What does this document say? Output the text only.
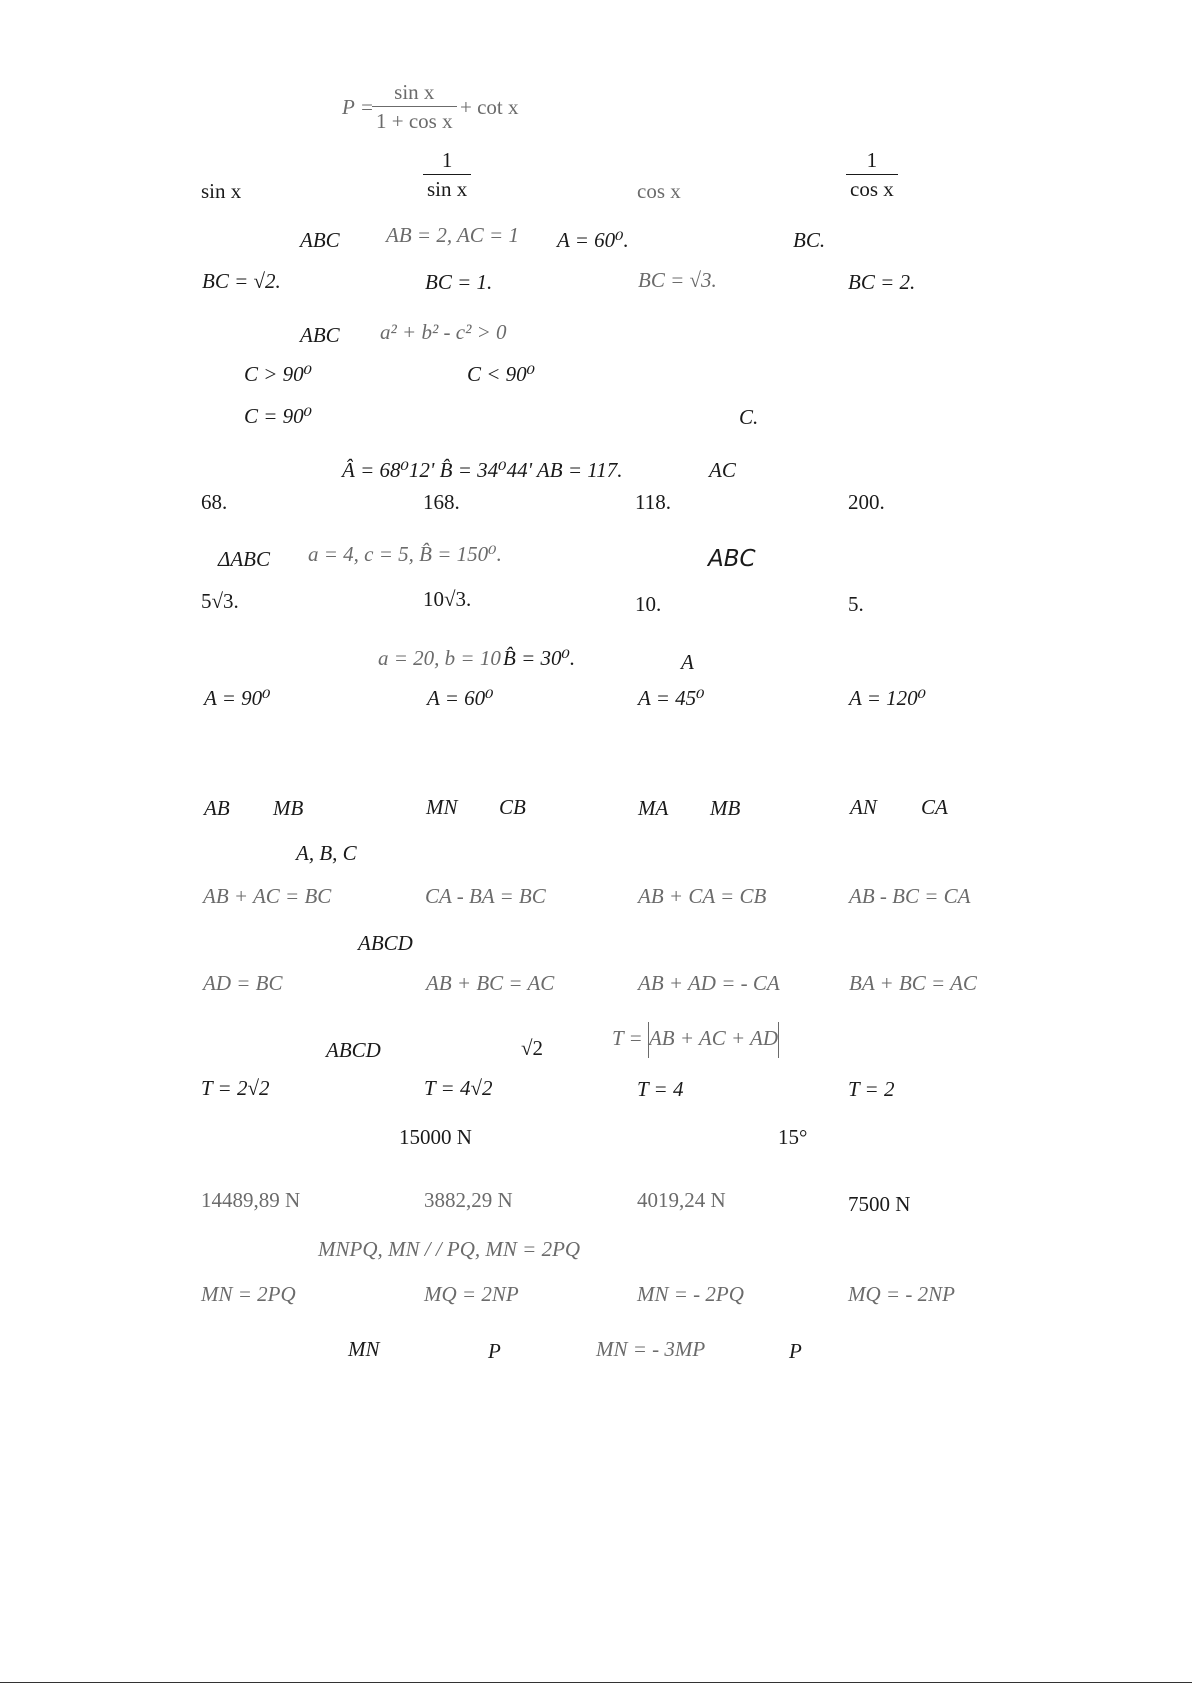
P =
$\frac{\text{sin x}}{\text{1 + cos x}} + \cot x$
sin x	$\frac{1}{\text{sin x}}$	cos x	$\frac{1}{\text{cos x}}$
ABC AB = 2, AC = 1 A = 60⁰.	BC.
BC = √2.	BC = 1.	BC = √3.	BC = 2.
ABC a² + b² - c² > 0
C > 90⁰	C < 90⁰
C = 90⁰	C.
Â = 68⁰12' B̂ = 34⁰44' AB = 117.	AC
68.	168.	118.	200.
ΔABC a = 4, c = 5, B̂ = 150⁰.	ABC
5√3.	10√3.	10.	5.
a = 20, b = 10 B̂ = 30⁰.	A
A = 90⁰	A = 60⁰	A = 45⁰	A = 120⁰
AB MB	MN CB	MA MB	AN CA
A, B, C
AB + AC = BC	CA - BA = BC	AB + CA = CB	AB - BC = CA
ABCD
AD = BC	AB + BC = AC	AB + AD = - CA	BA + BC = AC
ABCD	√2	T = AB + AC + AD
T = 2√2	T = 4√2	T = 4	T = 2
15000 N	15°
14489,89 N	3882,29 N	4019,24 N	7500 N
MNPQ, MN / / PQ, MN = 2PQ
MN = 2PQ	MQ = 2NP	MN = - 2PQ	MQ = - 2NP
MN	P	MN = - 3MP	P
